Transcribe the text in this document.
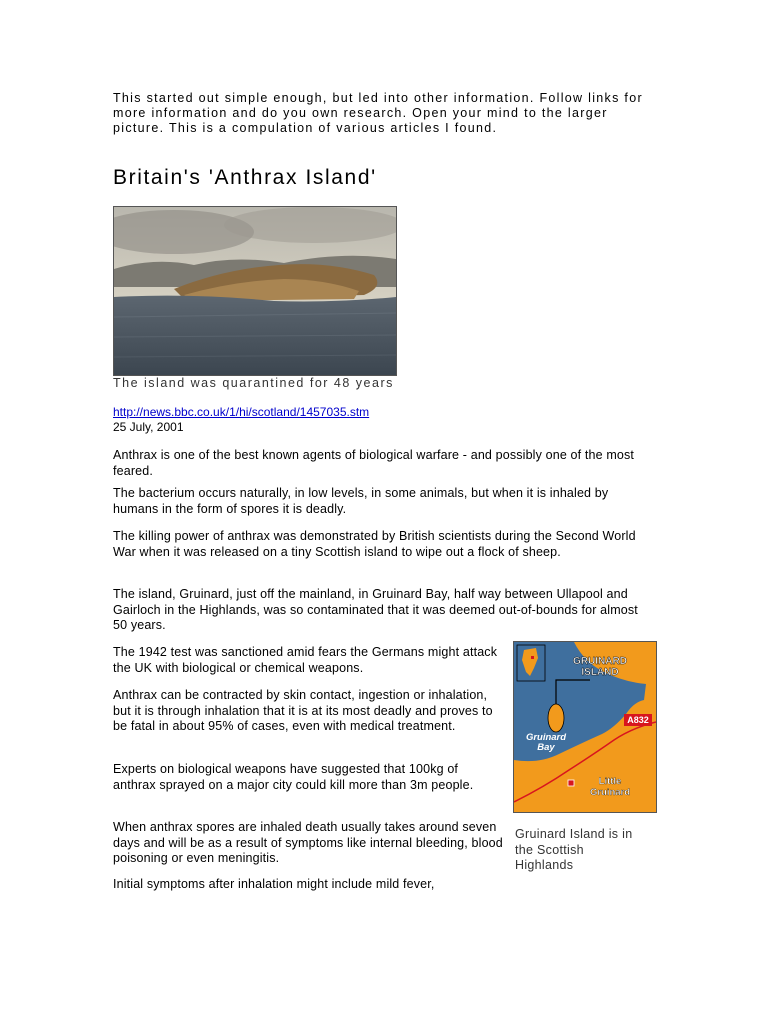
This started out simple enough, but led into other information. Follow links for more information and do you own research. Open your mind to the larger picture. This is a compulation of various articles I found.

Britain's 'Anthrax Island'

The island was quarantined for 48 years

http://news.bbc.co.uk/1/hi/scotland/1457035.stm

25 July, 2001

Anthrax is one of the best known agents of biological warfare - and possibly one of the most feared.

The bacterium occurs naturally, in low levels, in some animals, but when it is inhaled by humans in the form of spores it is deadly.

The killing power of anthrax was demonstrated by British scientists during the Second World War when it was released on a tiny Scottish island to wipe out a flock of sheep.

The island, Gruinard, just off the mainland, in Gruinard Bay, half way between Ullapool and Gairloch in the Highlands, was so contaminated that it was deemed out-of-bounds for almost 50 years.

The 1942 test was sanctioned amid fears the Germans might attack the UK with biological or chemical weapons.

Anthrax can be contracted by skin contact, ingestion or inhalation, but it is through inhalation that it is at its most deadly and proves to be fatal in about 95% of cases, even with medical treatment.

Experts on biological weapons have suggested that 100kg of anthrax sprayed on a major city could kill more than 3m people.

When anthrax spores are inhaled death usually takes around seven days and will be as a result of symptoms like internal bleeding, blood poisoning or even meningitis.

Initial symptoms after inhalation might include mild fever,

GRUINARD ISLAND
Gruinard Bay
A832
Little Gruinard

Gruinard Island is in the Scottish Highlands
